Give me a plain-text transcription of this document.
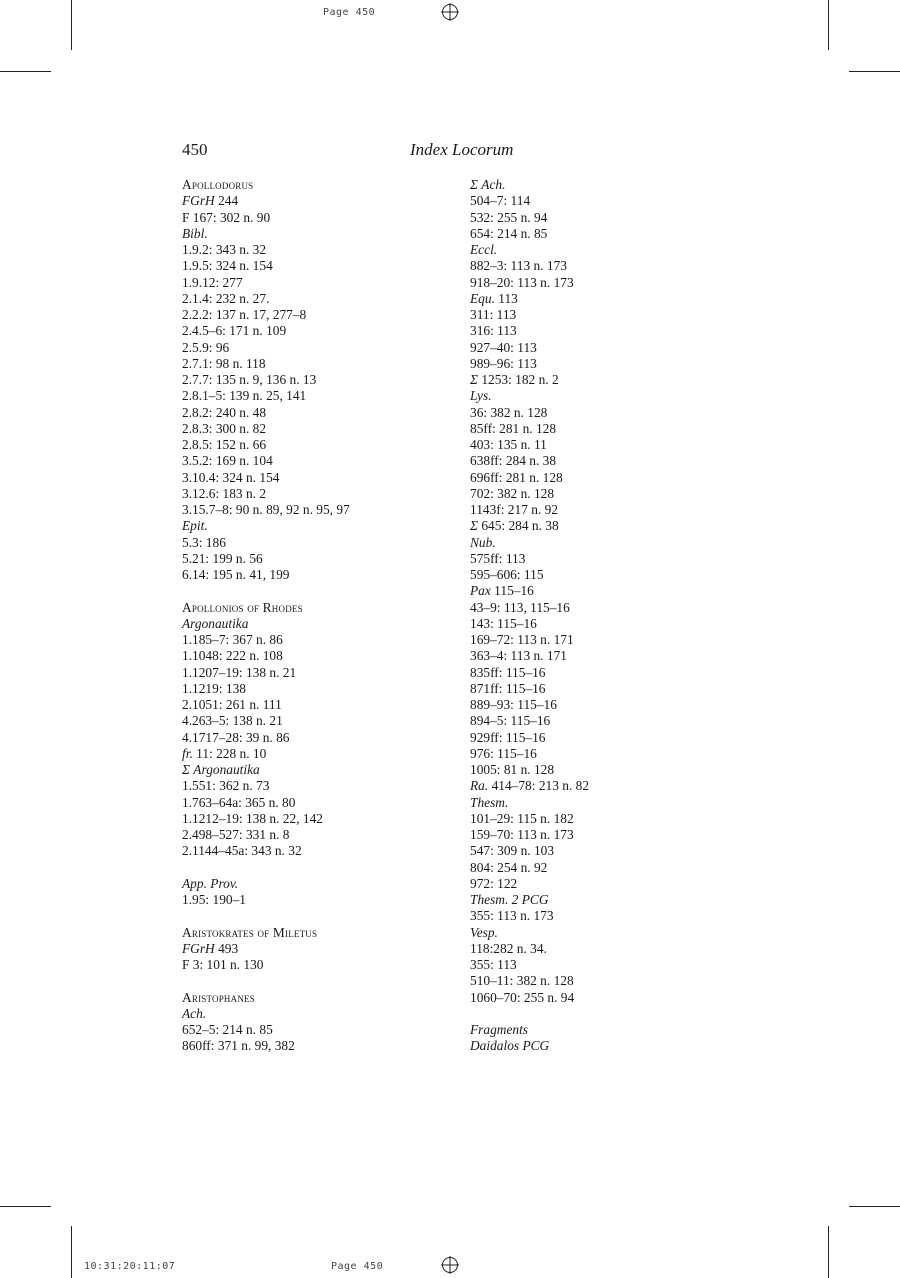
Page 450
10:31:20:11:07	Page 450
450	Index Locorum
Apollodorus
FGrH 244
F 167: 302 n. 90
Bibl.
1.9.2: 343 n. 32
1.9.5: 324 n. 154
1.9.12: 277
2.1.4: 232 n. 27.
2.2.2: 137 n. 17, 277–8
2.4.5–6: 171 n. 109
2.5.9: 96
2.7.1: 98 n. 118
2.7.7: 135 n. 9, 136 n. 13
2.8.1–5: 139 n. 25, 141
2.8.2: 240 n. 48
2.8.3: 300 n. 82
2.8.5: 152 n. 66
3.5.2: 169 n. 104
3.10.4: 324 n. 154
3.12.6: 183 n. 2
3.15.7–8: 90 n. 89, 92 n. 95, 97
Epit.
5.3: 186
5.21: 199 n. 56
6.14: 195 n. 41, 199
Apollonios of Rhodes
Argonautika
1.185–7: 367 n. 86
1.1048: 222 n. 108
1.1207–19: 138 n. 21
1.1219: 138
2.1051: 261 n. 111
4.263–5: 138 n. 21
4.1717–28: 39 n. 86
fr. 11: 228 n. 10
Σ Argonautika
1.551: 362 n. 73
1.763–64a: 365 n. 80
1.1212–19: 138 n. 22, 142
2.498–527: 331 n. 8
2.1144–45a: 343 n. 32
App. Prov.
1.95: 190–1
Aristokrates of Miletus
FGrH 493
F 3: 101 n. 130
Aristophanes
Ach.
652–5: 214 n. 85
860ff: 371 n. 99, 382
Σ Ach.
504–7: 114
532: 255 n. 94
654: 214 n. 85
Eccl.
882–3: 113 n. 173
918–20: 113 n. 173
Equ. 113
311: 113
316: 113
927–40: 113
989–96: 113
Σ 1253: 182 n. 2
Lys.
36: 382 n. 128
85ff: 281 n. 128
403: 135 n. 11
638ff: 284 n. 38
696ff: 281 n. 128
702: 382 n. 128
1143f: 217 n. 92
Σ 645: 284 n. 38
Nub.
575ff: 113
595–606: 115
Pax 115–16
43–9: 113, 115–16
143: 115–16
169–72: 113 n. 171
363–4: 113 n. 171
835ff: 115–16
871ff: 115–16
889–93: 115–16
894–5: 115–16
929ff: 115–16
976: 115–16
1005: 81 n. 128
Ra. 414–78: 213 n. 82
Thesm.
101–29: 115 n. 182
159–70: 113 n. 173
547: 309 n. 103
804: 254 n. 92
972: 122
Thesm. 2 PCG
355: 113 n. 173
Vesp.
118:282 n. 34.
355: 113
510–11: 382 n. 128
1060–70: 255 n. 94
Fragments
Daidalos PCG
